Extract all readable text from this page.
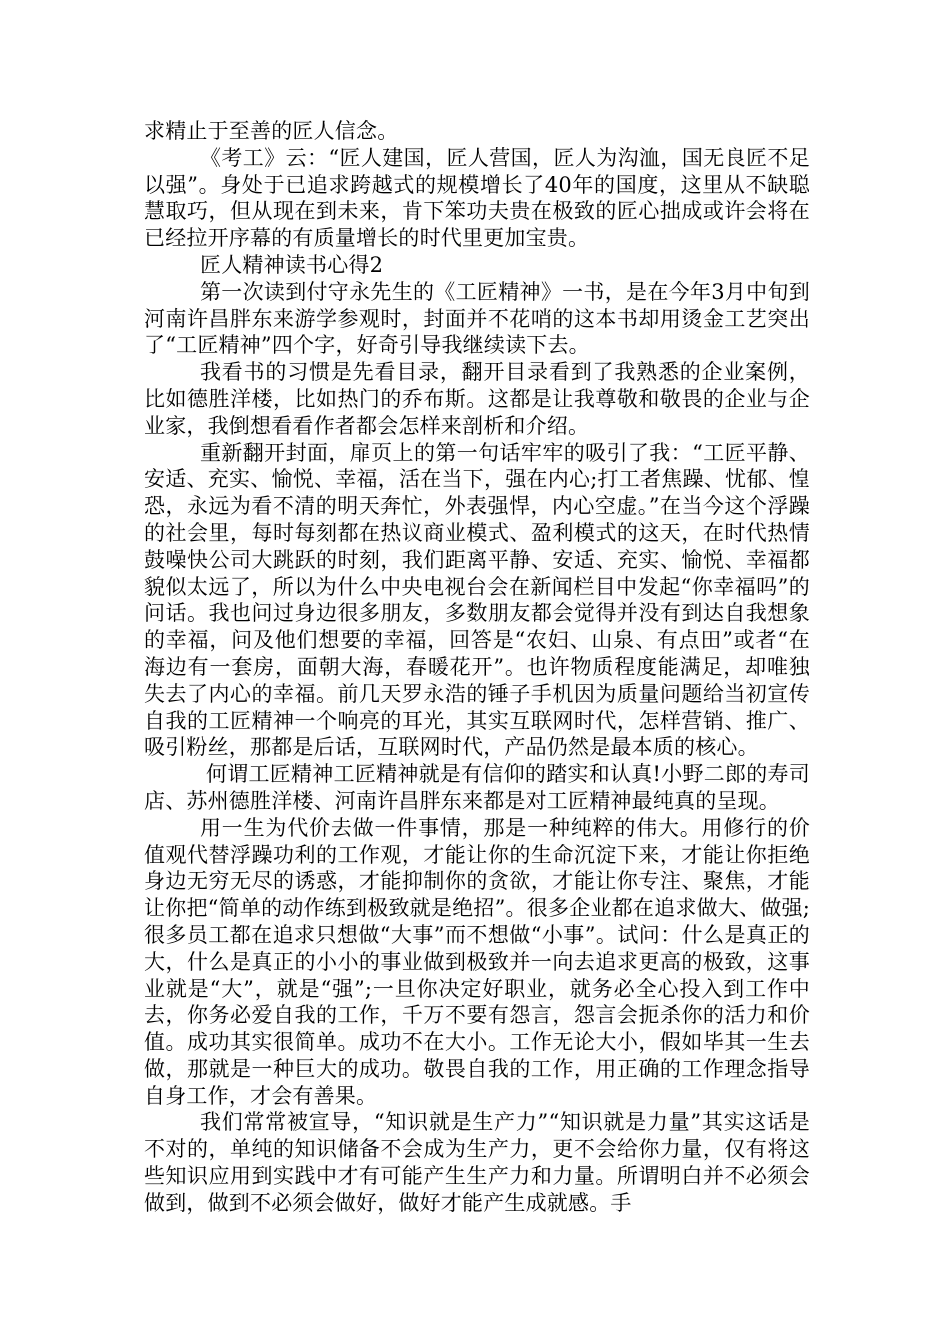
求精止于至善的匠人信念。

《考工》云：“匠人建国，匠人营国，匠人为沟洫，国无良匠不足以强”。身处于已追求跨越式的规模增长了40年的国度，这里从不缺聪慧取巧，但从现在到未来，肯下笨功夫贵在极致的匠心拙成或许会将在已经拉开序幕的有质量增长的时代里更加宝贵。

匠人精神读书心得2

第一次读到付守永先生的《工匠精神》一书，是在今年3月中旬到河南许昌胖东来游学参观时，封面并不花哨的这本书却用烫金工艺突出了“工匠精神”四个字，好奇引导我继续读下去。

我看书的习惯是先看目录，翻开目录看到了我熟悉的企业案例，比如德胜洋楼，比如热门的乔布斯。这都是让我尊敬和敬畏的企业与企业家，我倒想看看作者都会怎样来剖析和介绍。

重新翻开封面，扉页上的第一句话牢牢的吸引了我：“工匠平静、安适、充实、愉悦、幸福，活在当下，强在内心;打工者焦躁、忧郁、惶恐，永远为看不清的明天奔忙，外表强悍，内心空虚。”在当今这个浮躁的社会里，每时每刻都在热议商业模式、盈利模式的这天，在时代热情鼓噪快公司大跳跃的时刻，我们距离平静、安适、充实、愉悦、幸福都貌似太远了，所以为什么中央电视台会在新闻栏目中发起“你幸福吗”的问话。我也问过身边很多朋友，多数朋友都会觉得并没有到达自我想象的幸福，问及他们想要的幸福，回答是“农妇、山泉、有点田”或者“在海边有一套房，面朝大海，春暖花开”。也许物质程度能满足，却唯独失去了内心的幸福。前几天罗永浩的锤子手机因为质量问题给当初宣传自我的工匠精神一个响亮的耳光，其实互联网时代，怎样营销、推广、吸引粉丝，那都是后话，互联网时代，产品仍然是最本质的核心。

何谓工匠精神工匠精神就是有信仰的踏实和认真!小野二郎的寿司店、苏州德胜洋楼、河南许昌胖东来都是对工匠精神最纯真的呈现。

用一生为代价去做一件事情，那是一种纯粹的伟大。用修行的价值观代替浮躁功利的工作观，才能让你的生命沉淀下来，才能让你拒绝身边无穷无尽的诱惑，才能抑制你的贪欲，才能让你专注、聚焦，才能让你把“简单的动作练到极致就是绝招”。很多企业都在追求做大、做强;很多员工都在追求只想做“大事”而不想做“小事”。试问：什么是真正的大，什么是真正的小小的事业做到极致并一向去追求更高的极致，这事业就是“大”，就是“强”;一旦你决定好职业，就务必全心投入到工作中去，你务必爱自我的工作，千万不要有怨言，怨言会扼杀你的活力和价值。成功其实很简单。成功不在大小。工作无论大小，假如毕其一生去做，那就是一种巨大的成功。敬畏自我的工作，用正确的工作理念指导自身工作，才会有善果。

我们常常被宣导，“知识就是生产力”“知识就是力量”其实这话是不对的，单纯的知识储备不会成为生产力，更不会给你力量，仅有将这些知识应用到实践中才有可能产生生产力和力量。所谓明白并不必须会做到，做到不必须会做好，做好才能产生成就感。手
